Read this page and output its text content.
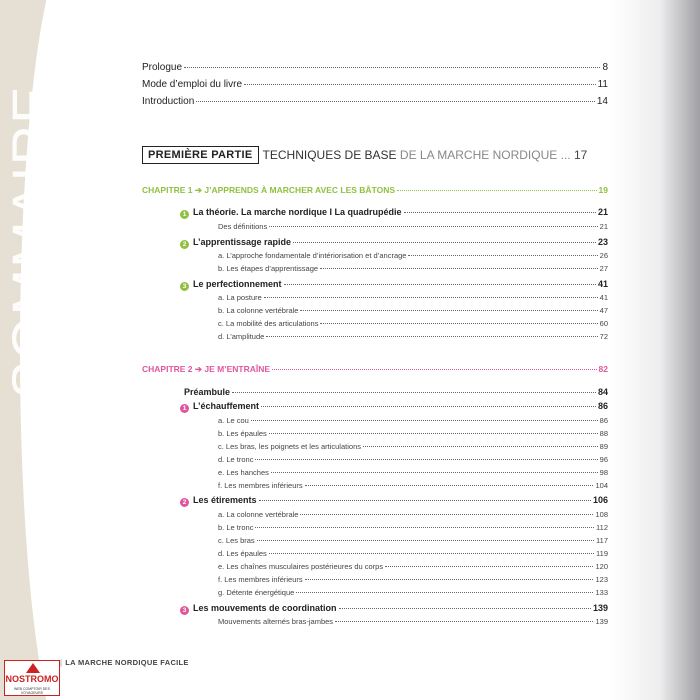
SOMMAIRE
Prologue	8
Mode d’emploi du livre	11
Introduction	14
PREMIÈRE PARTIE TECHNIQUES DE BASE DE LA MARCHE NORDIQUE ... 17
CHAPITRE 1 ➔ J’APPRENDS À MARCHER AVEC LES BÂTONS	19
1 La théorie. La marche nordique I La quadrupédie	21
Des définitions	21
2 L’apprentissage rapide	23
a. L’approche fondamentale d’intériorisation et d’ancrage	26
b. Les étapes d’apprentissage	27
3 Le perfectionnement	41
a. La posture	41
b. La colonne vertébrale	47
c. La mobilité des articulations	60
d. L’amplitude	72
CHAPITRE 2 ➔ JE M’ENTRAÎNE	82
Préambule	84
1 L’échauffement	86
a. Le cou	86
b. Les épaules	88
c. Les bras, les poignets et les articulations	89
d. Le tronc	96
e. Les hanches	98
f. Les membres inférieurs	104
2 Les étirements	106
a. La colonne vertébrale	108
b. Le tronc	112
c. Les bras	117
d. Les épaules	119
e. Les chaînes musculaires postérieures du corps	120
f. Les membres inférieurs	123
g. Détente énergétique	133
3 Les mouvements de coordination	139
Mouvements alternés bras-jambes	139
| LA MARCHE NORDIQUE FACILE
NOSTROMO
WEB COMPTOIR DES VOYAGEURS
